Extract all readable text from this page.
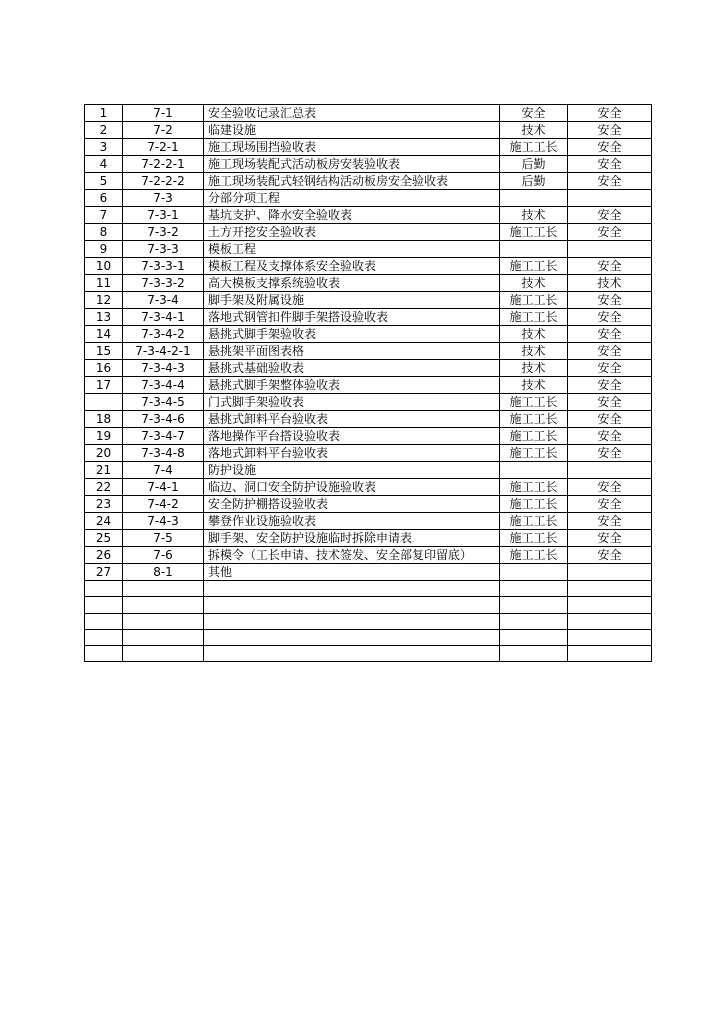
1	7-1	安全验收记录汇总表	安全	安全
2	7-2	临建设施	技术	安全
3	7-2-1	施工现场围挡验收表	施工工长	安全
4	7-2-2-1	施工现场装配式活动板房安装验收表	后勤	安全
5	7-2-2-2	施工现场装配式轻钢结构活动板房安全验收表	后勤	安全
6	7-3	分部分项工程		
7	7-3-1	基坑支护、降水安全验收表	技术	安全
8	7-3-2	土方开挖安全验收表	施工工长	安全
9	7-3-3	模板工程		
10	7-3-3-1	模板工程及支撑体系安全验收表	施工工长	安全
11	7-3-3-2	高大模板支撑系统验收表	技术	技术
12	7-3-4	脚手架及附属设施	施工工长	安全
13	7-3-4-1	落地式钢管扣件脚手架搭设验收表	施工工长	安全
14	7-3-4-2	悬挑式脚手架验收表	技术	安全
15	7-3-4-2-1	悬挑架平面图表格	技术	安全
16	7-3-4-3	悬挑式基础验收表	技术	安全
17	7-3-4-4	悬挑式脚手架整体验收表	技术	安全
	7-3-4-5	门式脚手架验收表	施工工长	安全
18	7-3-4-6	悬挑式卸料平台验收表	施工工长	安全
19	7-3-4-7	落地操作平台搭设验收表	施工工长	安全
20	7-3-4-8	落地式卸料平台验收表	施工工长	安全
21	7-4	防护设施		
22	7-4-1	临边、洞口安全防护设施验收表	施工工长	安全
23	7-4-2	安全防护棚搭设验收表	施工工长	安全
24	7-4-3	攀登作业设施验收表	施工工长	安全
25	7-5	脚手架、安全防护设施临时拆除申请表	施工工长	安全
26	7-6	拆模令（工长申请、技术签发、安全部复印留底）	施工工长	安全
27	8-1	其他		
